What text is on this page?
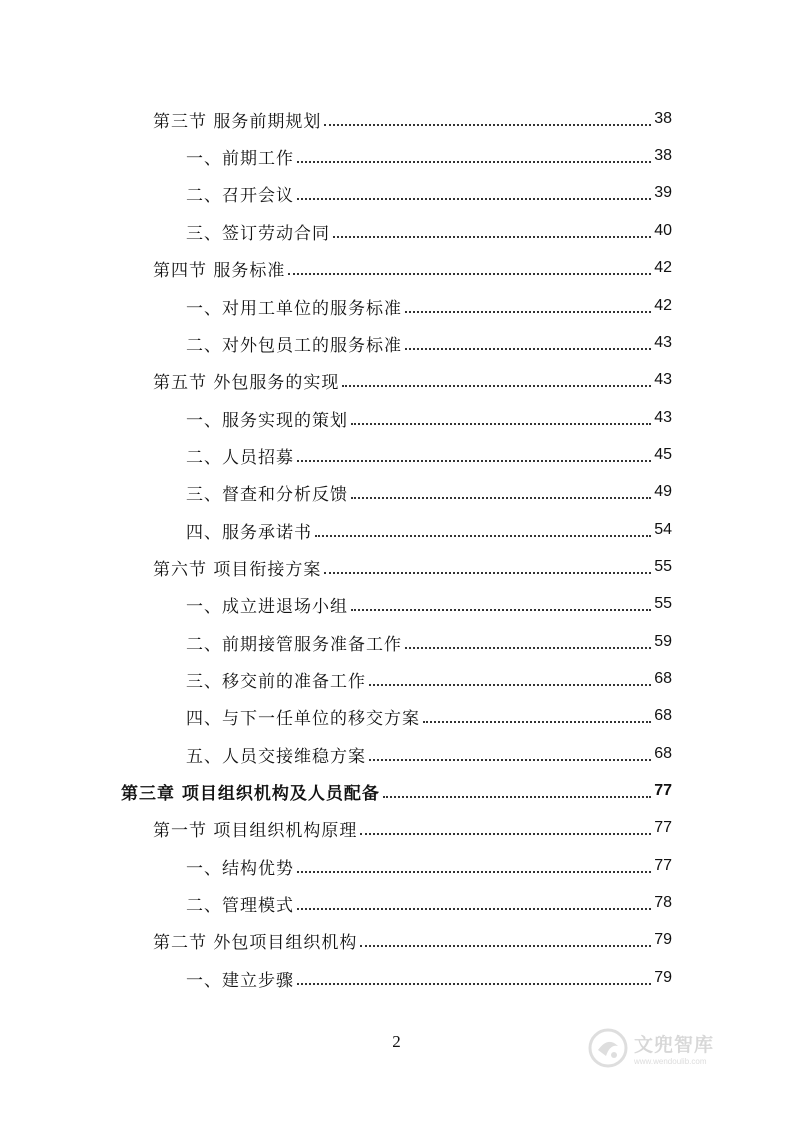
第三节 服务前期规划	38
一、前期工作	38
二、召开会议	39
三、签订劳动合同	40
第四节 服务标准	42
一、对用工单位的服务标准	42
二、对外包员工的服务标准	43
第五节 外包服务的实现	43
一、服务实现的策划	43
二、人员招募	45
三、督查和分析反馈	49
四、服务承诺书	54
第六节 项目衔接方案	55
一、成立进退场小组	55
二、前期接管服务准备工作	59
三、移交前的准备工作	68
四、与下一任单位的移交方案	68
五、人员交接维稳方案	68
第三章 项目组织机构及人员配备	77
第一节 项目组织机构原理	77
一、结构优势	77
二、管理模式	78
第二节 外包项目组织机构	79
一、建立步骤	79
2	文兜智库
www.wendoulib.com
